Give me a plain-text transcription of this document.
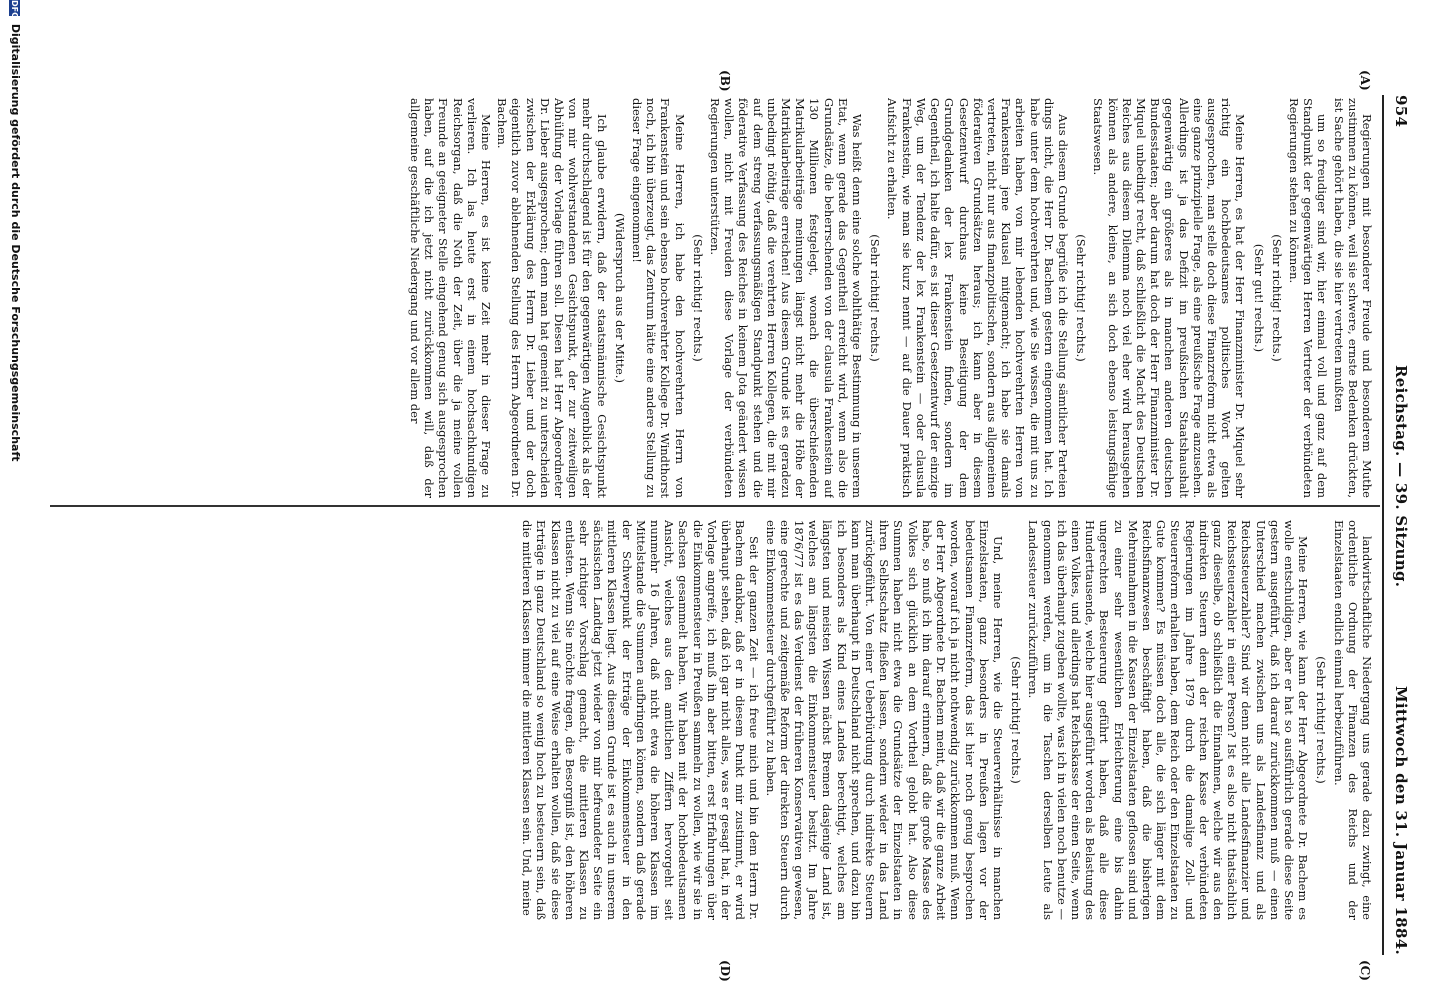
954
Reichstag. — 39. Sitzung.
Mittwoch den 31. Januar 1884.
(A)
(B)
(C)
(D)

Regierungen mit besonderer Freude und besonderem Muthe zustimmen zu können, weil sie schwere, ernste Bedenken drückten, ist Sache gehört haben, die sie hier vertreten mußten

um so freudiger sind wir, hier einmal voll und ganz auf dem Standpunkt der gegenwärtigen Herren Vertreter der verbündeten Regierungen stehen zu können.

(Sehr richtig! rechts.)

(Sehr gut! rechts.)

Meine Herren, es hat der Herr Finanzminister Dr. Miquel sehr richtig ein hochbedeutsames politisches Wort gelten ausgesprochen, man stelle doch diese Finanzreform nicht etwa als eine ganze prinzipielle Frage, als eine preußische Frage anzusehen. Allerdings ist ja das Defizit im preußischen Staatshaushalt gegenwärtig ein größeres als in manchen anderen deutschen Bundesstaaten; aber darum hat doch der Herr Finanzminister Dr. Miquel unbedingt recht, daß schließlich die Macht des Deutschen Reiches aus diesem Dilemma noch viel eher wird herausgehen können als andere, kleine, an sich doch ebenso leistungsfähige Staatswesen.

(Sehr richtig! rechts.)

Aus diesem Grunde begrüße ich die Stellung sämtlicher Parteien dings nicht, die Herr Dr. Bachem gestern eingenommen hat. Ich habe unter dem hochverehrten und, wie Sie wissen, die mit uns zu arbeiten haben, von mir lebenden hochverehrten Herren von Frankenstein jene Klausel mitgemacht; ich habe sie damals vertreten, nicht nur aus finanzpolitischen, sondern aus allgemeinen föderativen Grundsätzen heraus; ich kann aber in diesem Gesetzentwurf durchaus keine Beseitigung der dem Grundgedanken der lex Frankenstein finden, sondern im Gegentheil, ich halte dafür, es ist dieser Gesetzentwurf der einzige Weg, um der Tendenz der lex Frankenstein — oder clausula Frankenstein, wie man sie kurz nennt — auf die Dauer praktisch Aufsicht zu erhalten.

(Sehr richtig! rechts.)

Was heißt denn eine solche wohlthätige Bestimmung in unserem Etat, wenn gerade das Gegentheil erreicht wird, wenn also die Grundsätze, die beherrschenden von der clausula Frankenstein auf 130 Millionen festgelegt, wonach die überschießenden Matrikularbeiträge meinungen längst nicht mehr die Höhe der Matrikularbeiträge erreichen! Aus diesem Grunde ist es geradezu unbedingt nöthig, daß die verehrten Herren Kollegen, die mit mir auf dem streng verfassungsmäßigen Standpunkt stehen und die föderative Verfassung des Reiches in keinem Jota geändert wissen wollen, nicht mit Freuden diese Vorlage der verbündeten Regierungen unterstützen.

(Sehr richtig! rechts.)

Meine Herren, ich habe den hochverehrten Herrn von Frankenstein und sein ebenso hochverehrter Kollege Dr. Windthorst noch, ich bin überzeugt, das Zentrum hätte eine andere Stellung zu dieser Frage eingenommen!

(Widerspruch aus der Mitte.)

Ich glaube erwidern, daß der staatsmännische Gesichtspunkt mehr durchschlagend ist für den gegenwärtigen Augenblick als der von mir wohlverstandenen Gesichtspunkt, der zur zeitweiligen Abhülfung der Vorlage führen soll. Diesen hat Herr Abgeordneter Dr. Lieber ausgesprochen; denn man hat gemeint zu unterscheiden zwischen der Erklärung des Herrn Dr. Lieber und der doch eigentlich zuvor ablehnenden Stellung des Herrn Abgeordneten Dr. Bachem.

Meine Herren, es ist keine Zeit mehr in dieser Frage zu verlieren. Ich las heute erst in einem hochsachkundigen Reichsorgan, daß die Noth der Zeit, über die ja meine vollen Freunde an geeigneter Stelle eingehend genug sich ausgesprochen haben, auf die ich jetzt nicht zurückkommen will, daß der allgemeine geschäftliche Niedergang und vor allem der

landwirtschaftliche Niedergang uns gerade dazu zwingt, eine ordentliche Ordnung der Finanzen des Reichs und der Einzelstaaten endlich einmal herbeizuführen.

(Sehr richtig! rechts.)

Meine Herren, wie kann der Herr Abgeordnete Dr. Bachem es wolle entschuldigen, aber er hat so ausführlich gerade diese Seite gestern ausgeführt, daß ich darauf zurückkommen muß — einen Unterschied machen zwischen uns als Landesfinanz und als Reichssteuerzahler? Sind wir denn nicht alle Landesfinanzier und Reichssteuerzahler in einer Person? Ist es also nicht thatsächlich ganz dieselbe, ob schließlich die Einnahmen, welche wir aus den indirekten Steuern denn der reichen Kasse der verbündeten Regierungen im Jahre 1879 durch die damalige Zoll- und Steuerreform erhalten haben, dem Reich oder den Einzelstaaten zu Gute kommen? Es müssen doch alle, die sich länger mit dem Reichsfinanzwesen beschäftigt haben, daß die bisherigen Mehreinnahmen in die Kassen der Einzelstaaten geflossen sind und zu einer sehr wesentlichen Erleichterung eine bis dahin ungerechten Besteuerung geführt haben, daß alle diese Hunderttausende, welche hier ausgeführt worden als Belastung des einen Volkes, und allerdings hat Reichskasse der einen Seite, wenn ich das überhaupt zugeben wollte, was ich in vielen noch benutze — genommen werden, um in die Taschen derselben Leute als Landessteuer zurückzuführen.

(Sehr richtig! rechts.)

Und, meine Herren, wie die Steuerverhältnisse in manchen Einzelstaaten, ganz besonders in Preußen lagen vor der bedeutsamen Finanzreform, das ist hier noch genug besprochen worden, worauf ich ja nicht nothwendig zurückkommen muß. Wenn der Herr Abgeordnete Dr. Bachem meint, daß wir die ganze Arbeit habe, so muß ich ihn darauf erinnern, daß die große Masse des Volkes sich glücklich an dem Vortheil gelobt hat. Also diese Summen haben nicht etwa die Grundsätze der Einzelstaaten in ihren Selbstschatz fließen lassen, sondern wieder in das Land zurückgeführt. Von einer Ueberbürdung durch indirekte Steuern kann man überhaupt in Deutschland nicht sprechen, und dazu bin ich besonders als Kind eines Landes berechtigt, welches am längsten und meisten Wissen nächst Bremen dasjenige Land ist, welches am längsten die Einkommensteuer besitzt. Im Jahre 1876/77 ist es das Verdienst der früheren Konservativen gewesen, eine gerechte und zeitgemäße Reform der direkten Steuern durch eine Einkommensteuer durchgeführt zu haben.

Seit der ganzen Zeit — ich freue mich und bin dem Herrn Dr. Bachem dankbar, daß er in diesem Punkt mir zustimmt, er wird überhaupt sehen, daß ich gar nicht alles, was er gesagt hat, in der Vorlage angreife, ich muß ihn aber bitten, erst Erfahrungen über die Einkommensteuer in Preußen sammeln zu wollen, wie wir sie in Sachsen gesammelt haben. Wir haben mit der hochbedeutsamen Ansicht, welches aus den amtlichen Ziffern hervorgeht seit nunmehr 16 Jahren, daß nicht etwa die höheren Klassen im Mittelstande die Summen aufbringen können, sondern daß gerade der Schwerpunkt der Erträge der Einkommensteuer in den mittleren Klassen liegt. Aus diesem Grunde ist es auch in unserem sächsischen Landtag jetzt wieder von mir befreundeter Seite ein sehr richtiger Vorschlag gemacht, die mittleren Klassen zu entlasten. Wenn Sie möchte fragen, die Besorgniß ist, den höheren Klassen nicht zu viel auf eine Weise erhalten wollen, daß sie diese Erträge in ganz Deutschland so wenig hoch zu besteuern sein, daß die mittleren Klassen immer die mittleren Klassen sein. Und, meine

DFG Digitalisierung gefördert durch die Deutsche Forschungsgemeinschaft
